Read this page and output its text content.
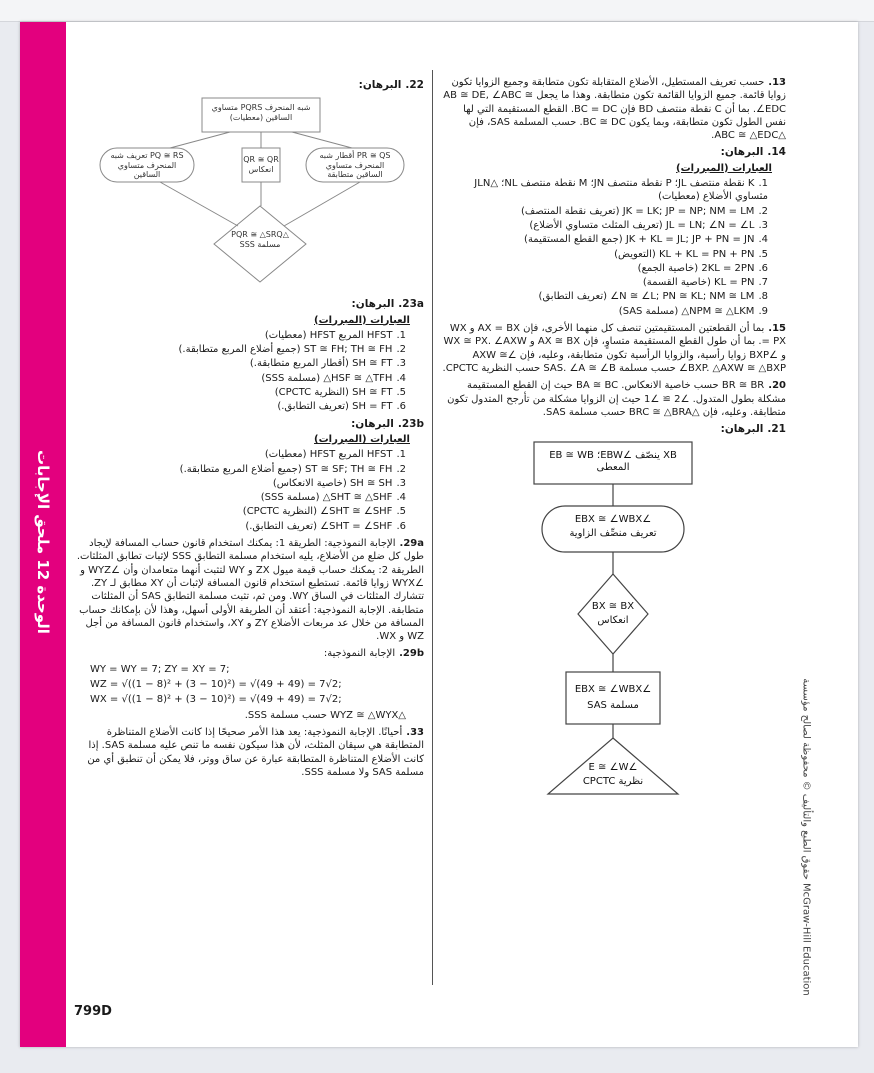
الوحدة 12 ملحق الإجابات
حقوق الطبع والتأليف © محفوظة لصالح مؤسسة McGraw-Hill Education
799D
22.البرهان:
شبه المنحرف PQRS متساوي الساقين (معطيات)
PQ ≅ RS تعريف شبه المنحرف متساوي الساقين
QR ≅ QR انعكاس
PR ≅ QS أقطار شبه المنحرف متساوي الساقين متطابقة
△PQR ≅ △SRQ مسلمة SSS
23a.البرهان:
العبارات (المبررات)
1.HFST المربع HFST (معطيات)
2.ST ≅ FH; TH ≅ FH (جميع أضلاع المربع متطابقة.)
3.SH ≅ FT (أقطار المربع متطابقة.)
4.△HSF ≅ △TFH (مسلمة SSS)
5.SH ≅ FT (النظرية CPCTC)
6.SH = FT (تعريف التطابق.)
23b.البرهان:
العبارات (المبررات)
1.HFST المربع HFST (معطيات)
2.ST ≅ SF; TH ≅ FH (جميع أضلاع المربع متطابقة.)
3.SH ≅ SH (خاصية الانعكاس)
4.△SHT ≅ △SHF (مسلمة SSS)
5.∠SHT ≅ ∠SHF (النظرية CPCTC)
6.∠SHT = ∠SHF (تعريف التطابق.)
29a.الإجابة النموذجية: الطريقة 1: يمكنك استخدام قانون حساب المسافة لإيجاد طول كل ضلع من الأضلاع، يليه استخدام مسلمة التطابق SSS لإثبات تطابق المثلثات. الطريقة 2: يمكنك حساب قيمة ميول ZX و WY لتثبت أنهما متعامدان وأن ∠WYZ و ∠WYX زوايا قائمة. تستطيع استخدام قانون المسافة لإثبات أن XY مطابق لـ ZY. تتشارك المثلثات في الساق WY. ومن ثم، تثبت مسلمة التطابق SAS أن المثلثات متطابقة. الإجابة النموذجية: أعتقد أن الطريقة الأولى أسهل، وهذا لأن بإمكانك حساب المسافة من خلال عد مربعات الأضلاع ZY و XY، واستخدام قانون المسافة من أجل WZ و WX.
29b.الإجابة النموذجية:
WY = WY = 7; ZY = XY = 7;
WZ = √((1 − 8)² + (3 − 10)²) = √(49 + 49) = 7√2;
WX = √((1 − 8)² + (3 − 10)²) = √(49 + 49) = 7√2;
△WYZ ≅ △WYX حسب مسلمة SSS.
33.أحيانًا. الإجابة النموذجية: يعد هذا الأمر صحيحًا إذا كانت الأضلاع المتناظرة المتطابقة هي سيقان المثلث، لأن هذا سيكون نفسه ما تنص عليه مسلمة SAS. إذا كانت الأضلاع المتناظرة المتطابقة عبارة عن ساق ووتر، فلا يمكن أن تنطبق أي من مسلمة SAS ولا مسلمة SSS.
13.حسب تعريف المستطيل، الأضلاع المتقابلة تكون متطابقة وجميع الزوايا تكون زوايا قائمة. جميع الزوايا القائمة تكون متطابقة. وهذا ما يجعل AB ≅ DE, ∠ABC ≅ ∠EDC. بما أن C نقطة منتصف BD فإن BC = DC. القطع المستقيمة التي لها نفس الطول تكون متطابقة، وبما يكون BC ≅ DC. حسب المسلمة SAS، فإن △ABC ≅ △EDC.
14.البرهان:
العبارات (المبررات)
1.K نقطة منتصف JL؛ P نقطة منتصف JN؛ M نقطة منتصف NL؛ △JLN مثساوي الأضلاع (معطيات)
2.JK = LK; JP = NP; NM = LM (تعريف نقطة المنتصف)
3.JL = LN; ∠N = ∠L (تعريف المثلث متساوي الأضلاع)
4.JK + KL = JL; JP + PN = JN (جمع القطع المستقيمة)
5.KL + KL = PN + PN (التعويض)
6.2KL = 2PN (خاصية الجمع)
7.KL = PN (خاصية القسمة)
8.∠N ≅ ∠L; PN ≅ KL; NM ≅ LM (تعريف التطابق)
9.△NPM ≅ △LKM (مسلمة SAS)
15.بما أن القطعتين المستقيمتين تنصف كل منهما الأخرى، فإن AX = BX و WX = PX. بما أن طول القطع المستقيمة متساوٍ، فإن AX ≅ BX و WX ≅ PX. ∠AXW و ∠BXP زوايا رأسية، والزوايا الرأسية تكون متطابقة، وعليه، فإن ∠AXW ≅ ∠BXP. △AXW ≅ △BXP حسب مسلمة SAS. ∠A ≅ ∠B حسب النظرية CPCTC.
20.BR ≅ BR حسب خاصية الانعكاس. BA ≅ BC حيث إن القطع المستقيمة مشكلة بطول المتدول. ∠2 ≅ ∠1 حيث إن الزوايا مشكلة من تأرجح المتدول تكون متطابقة. وعليه، فإن △BRC ≅ △BRA حسب مسلمة SAS.
21.البرهان:
XB ينصّف ∠EBW؛ EB ≅ WB المعطى
∠EBX ≅ ∠WBX
تعريف منصِّف الزاوية
BX ≅ BX
انعكاس
∠EBX ≅ ∠WBX
مسلمة SAS
∠E ≅ ∠W
نظرية CPCTC
